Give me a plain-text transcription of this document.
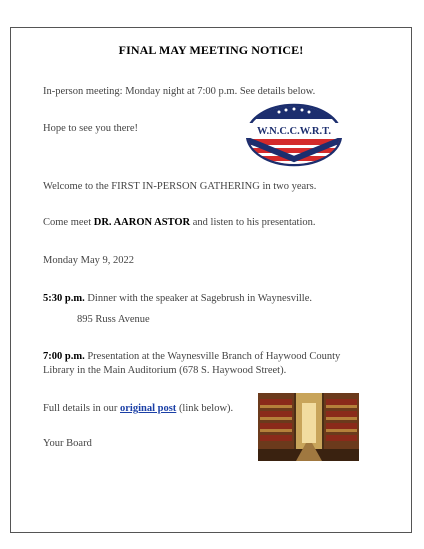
FINAL MAY MEETING NOTICE!
In-person meeting: Monday night at 7:00 p.m. See details below.
Hope to see you there!	W.N.C.C.W.R.T.
Welcome to the FIRST IN-PERSON GATHERING in two years.
Come meet DR. AARON ASTOR and listen to his presentation.
Monday May 9, 2022
5:30 p.m. Dinner with the speaker at Sagebrush in Waynesville.
895 Russ Avenue
7:00 p.m. Presentation at the Waynesville Branch of Haywood County Library in the Main Auditorium (678 S. Haywood Street).
Full details in our original post (link below).
Your Board
